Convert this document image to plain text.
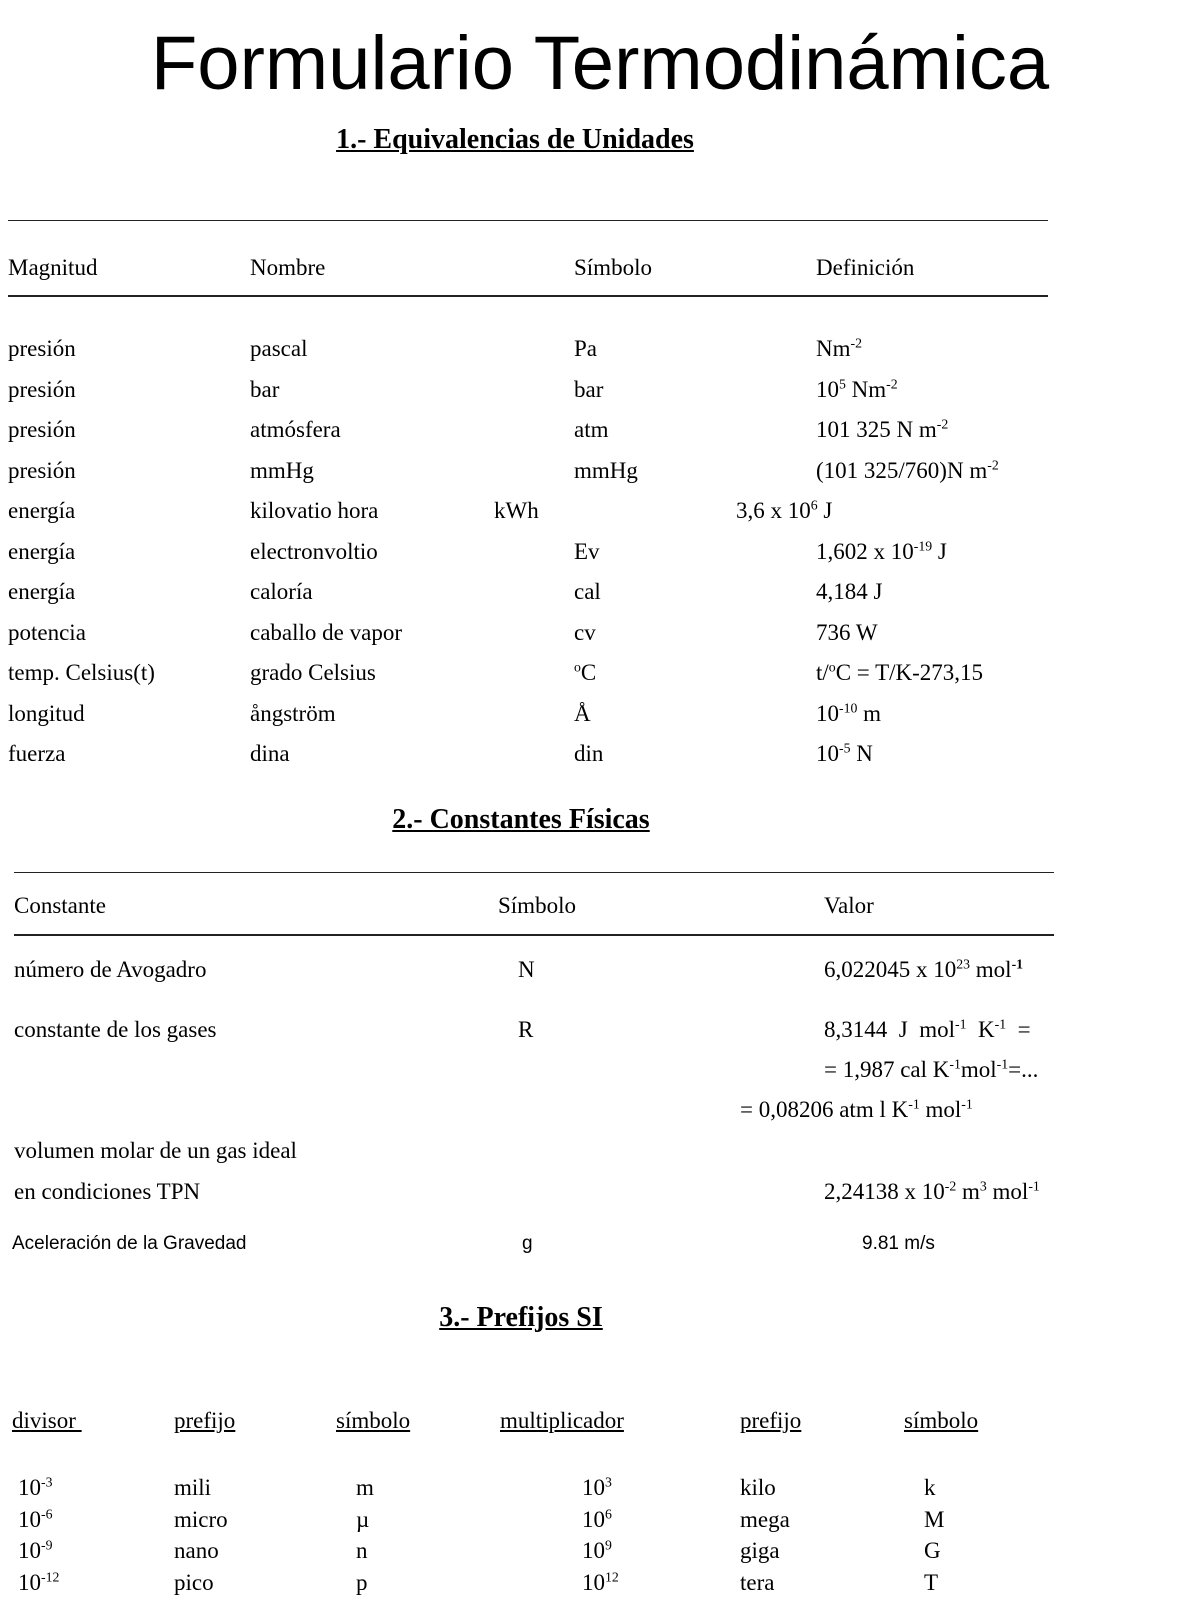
Formulario Termodinámica
1.- Equivalencias de Unidades
Magnitud	Nombre	Símbolo	Definición
presión	pascal	Pa	$Nm^{-2}$
presión	bar	bar	$10^5$ $Nm^{-2}$
presión	atmósfera	atm	101 325 N $m^{-2}$
presión	mmHg	mmHg	(101 325/760)N $m^{-2}$
energía	kilovatio hora	kWh	3,6 x $10^6$ J
energía	electronvoltio	Ev	1,602 x $10^{-19}$ J
energía	caloría	cal	4,184 J
potencia	caballo de vapor	cv	736 W
temp. Celsius(t)	grado Celsius	$^o$C	t/$^o$C = T/K-273,15
longitud	ångström	Å	$10^{-10}$ m
fuerza	dina	din	$10^{-5}$ N
2.- Constantes Físicas
Constante	Símbolo	Valor
número de Avogadro	N	6,022045 x $10^{23}$ mol$^{-1}$
constante de los gases	R	8,3144  J  mol$^{-1}$  $K^{-1}$  =
= 1,987 cal $K^{-1}mol^{-1}=$...
= 0,08206 atm l $K^{-1}$ mol$^{-1}$
volumen molar de un gas ideal
en condiciones TPN	2,24138 x $10^{-2}$ $m^3$ mol$^{-1}$
Aceleración de la Gravedad	g	9.81 m/s
3.- Prefijos SI
divisor	prefijo	símbolo	multiplicador	prefijo	símbolo
$10^{-3}$	mili	m	$10^3$	kilo	k
$10^{-6}$	micro	µ	$10^6$	mega	M
$10^{-9}$	nano	n	$10^9$	giga	G
$10^{-12}$	pico	p	$10^{12}$	tera	T
